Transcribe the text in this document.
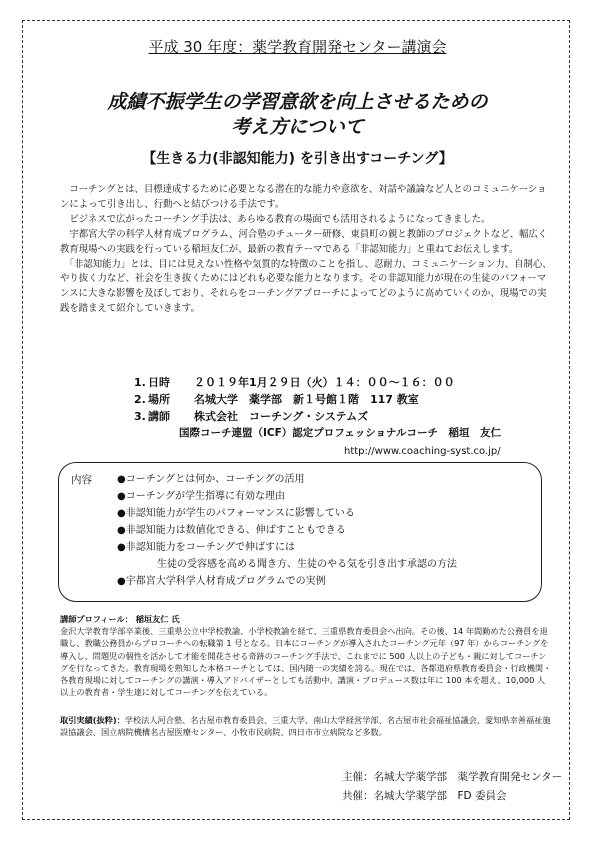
平成 30 年度：薬学教育開発センター講演会
成績不振学生の学習意欲を向上させるための
考え方について
【生きる力(非認知能力) を引き出すコーチング】

　コーチングとは、目標達成するために必要となる潜在的な能力や意欲を、対話や議論など人とのコミュニケーションによって引き出し、行動へと結びつける手法です。

　ビジネスで広がったコーチング手法は、あらゆる教育の場面でも活用されるようになってきました。

　宇都宮大学の科学人材育成プログラム、河合塾のチューター研修、東員町の親と教師のプロジェクトなど、幅広く教育現場への実践を行っている稲垣友仁が、最新の教育テーマである「非認知能力」と重ねてお伝えします。

　「非認知能力」とは、目には見えない性格や気質的な特徴のことを指し、忍耐力、コミュニケーション力、自制心、やり抜く力など、社会を生き抜くためにはどれも必要な能力となります。その非認知能力が現在の生徒のパフォーマンスに大きな影響を及ぼしており、それらをコーチングアプローチによってどのように高めていくのか、現場での実践を踏まえて紹介していきます。

1. 日時	２０１９年1月２９日（火）１４：００～１６：００
2. 場所	名城大学　薬学部　新１号館１階　117 教室
3. 講師	株式会社　コーチング・システムズ
国際コーチ連盟（ICF）認定プロフェッショナルコーチ　稲垣　友仁
http://www.coaching-syst.co.jp/
内容	●コーチングとは何か、コーチングの活用
●コーチングが学生指導に有効な理由
●非認知能力が学生のパフォーマンスに影響している
●非認知能力は数値化できる、伸ばすこともできる
●非認知能力をコーチングで伸ばすには
生徒の受容感を高める聞き方、生徒のやる気を引き出す承認の方法
●宇都宮大学科学人材育成プログラムでの実例
講師プロフィール： 稲垣友仁 氏
金沢大学教育学部卒業後、三重県公立中学校教諭、小学校教諭を経て、三重県教育委員会へ出向。その後、14 年間勤めた公務員を退職し、教職公務員からプロコーチへの転職第 1 号となる。日本にコーチングが導入されたコーチング元年（97 年）からコーチングを導入し、問題児の個性を活かして才能を開花させる奇跡のコーチング手法で、これまでに 500 人以上の子ども・親に対してコーチングを行なってきた。教育現場を熟知した本格コーチとしては、国内随一の実績を誇る。現在では、各都道府県教育委員会・行政機関・各教育現場に対してコーチングの講演・導入アドバイザーとしても活動中。講演・プロデュース数は年に 100 本を超え、10,000 人以上の教育者・学生達に対してコーチングを伝えている。
取引実績(抜粋)：学校法人河合塾、名古屋市教育委員会、三重大学、南山大学経営学部、名古屋市社会福祉協議会、愛知県幸善福祉施設協議会、国立病院機構名古屋医療センター、小牧市民病院、四日市市立病院など多数。
主催：名城大学薬学部　薬学教育開発センター
共催：名城大学薬学部　FD 委員会
